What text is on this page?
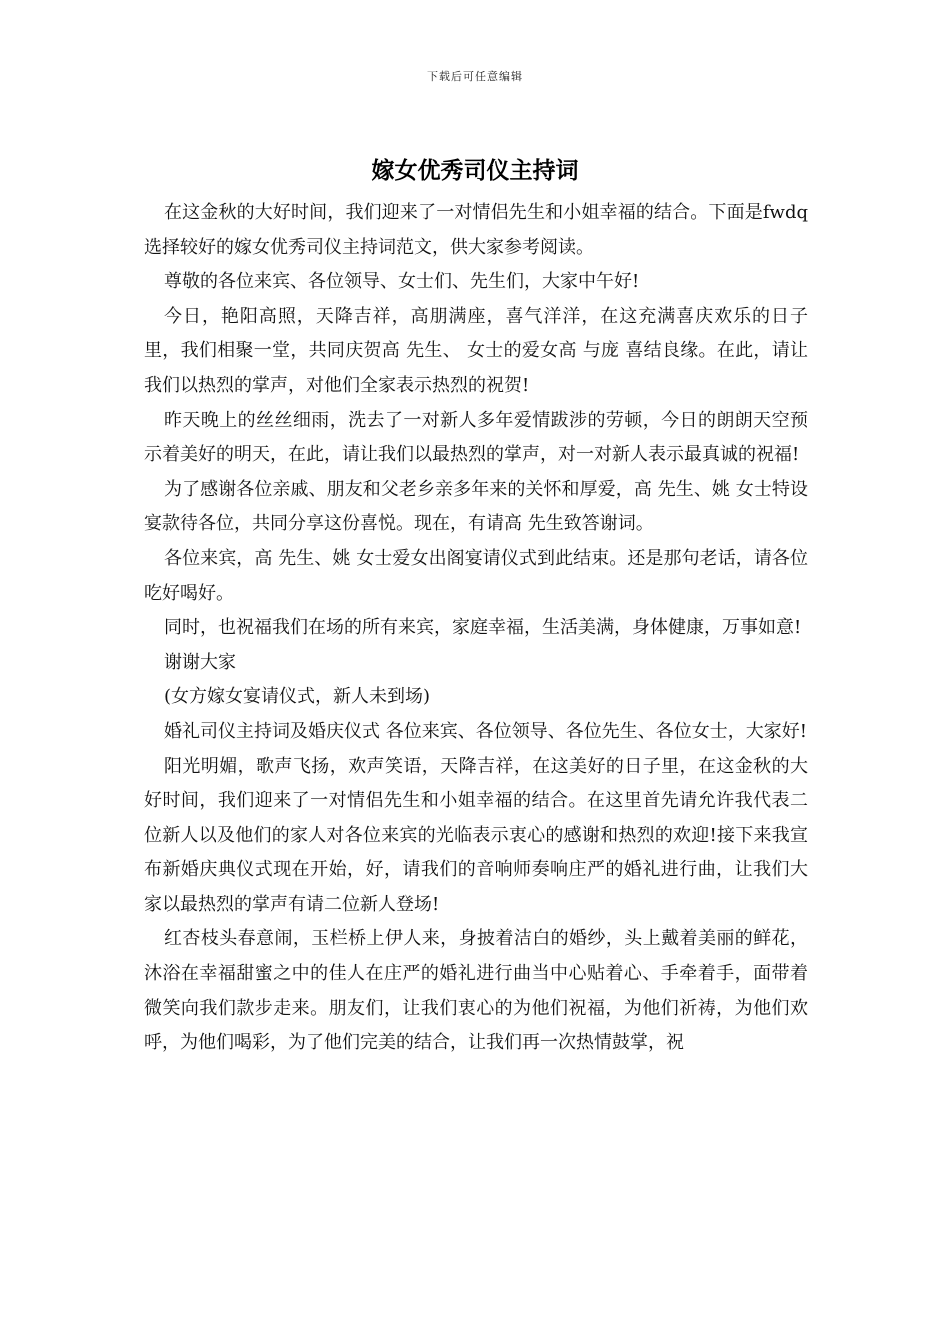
下载后可任意编辑
嫁女优秀司仪主持词

在这金秋的大好时间，我们迎来了一对情侣先生和小姐幸福的结合。下面是fwdq选择较好的嫁女优秀司仪主持词范文，供大家参考阅读。

尊敬的各位来宾、各位领导、女士们、先生们，大家中午好!

今日，艳阳高照，天降吉祥，高朋满座，喜气洋洋，在这充满喜庆欢乐的日子里，我们相聚一堂，共同庆贺高 先生、 女士的爱女高 与庞 喜结良缘。在此，请让我们以热烈的掌声，对他们全家表示热烈的祝贺!

昨天晚上的丝丝细雨，洗去了一对新人多年爱情跋涉的劳顿，今日的朗朗天空预示着美好的明天，在此，请让我们以最热烈的掌声，对一对新人表示最真诚的祝福!

为了感谢各位亲戚、朋友和父老乡亲多年来的关怀和厚爱，高 先生、姚 女士特设宴款待各位，共同分享这份喜悦。现在，有请高 先生致答谢词。

各位来宾，高 先生、姚 女士爱女出阁宴请仪式到此结束。还是那句老话，请各位吃好喝好。

同时，也祝福我们在场的所有来宾，家庭幸福，生活美满，身体健康，万事如意!

谢谢大家

(女方嫁女宴请仪式，新人未到场)

婚礼司仪主持词及婚庆仪式 各位来宾、各位领导、各位先生、各位女士，大家好!

阳光明媚，歌声飞扬，欢声笑语，天降吉祥，在这美好的日子里，在这金秋的大好时间，我们迎来了一对情侣先生和小姐幸福的结合。在这里首先请允许我代表二位新人以及他们的家人对各位来宾的光临表示衷心的感谢和热烈的欢迎!接下来我宣布新婚庆典仪式现在开始，好，请我们的音响师奏响庄严的婚礼进行曲，让我们大家以最热烈的掌声有请二位新人登场!

红杏枝头春意闹，玉栏桥上伊人来，身披着洁白的婚纱，头上戴着美丽的鲜花，沐浴在幸福甜蜜之中的佳人在庄严的婚礼进行曲当中心贴着心、手牵着手，面带着微笑向我们款步走来。朋友们，让我们衷心的为他们祝福，为他们祈祷，为他们欢呼，为他们喝彩，为了他们完美的结合，让我们再一次热情鼓掌，祝
